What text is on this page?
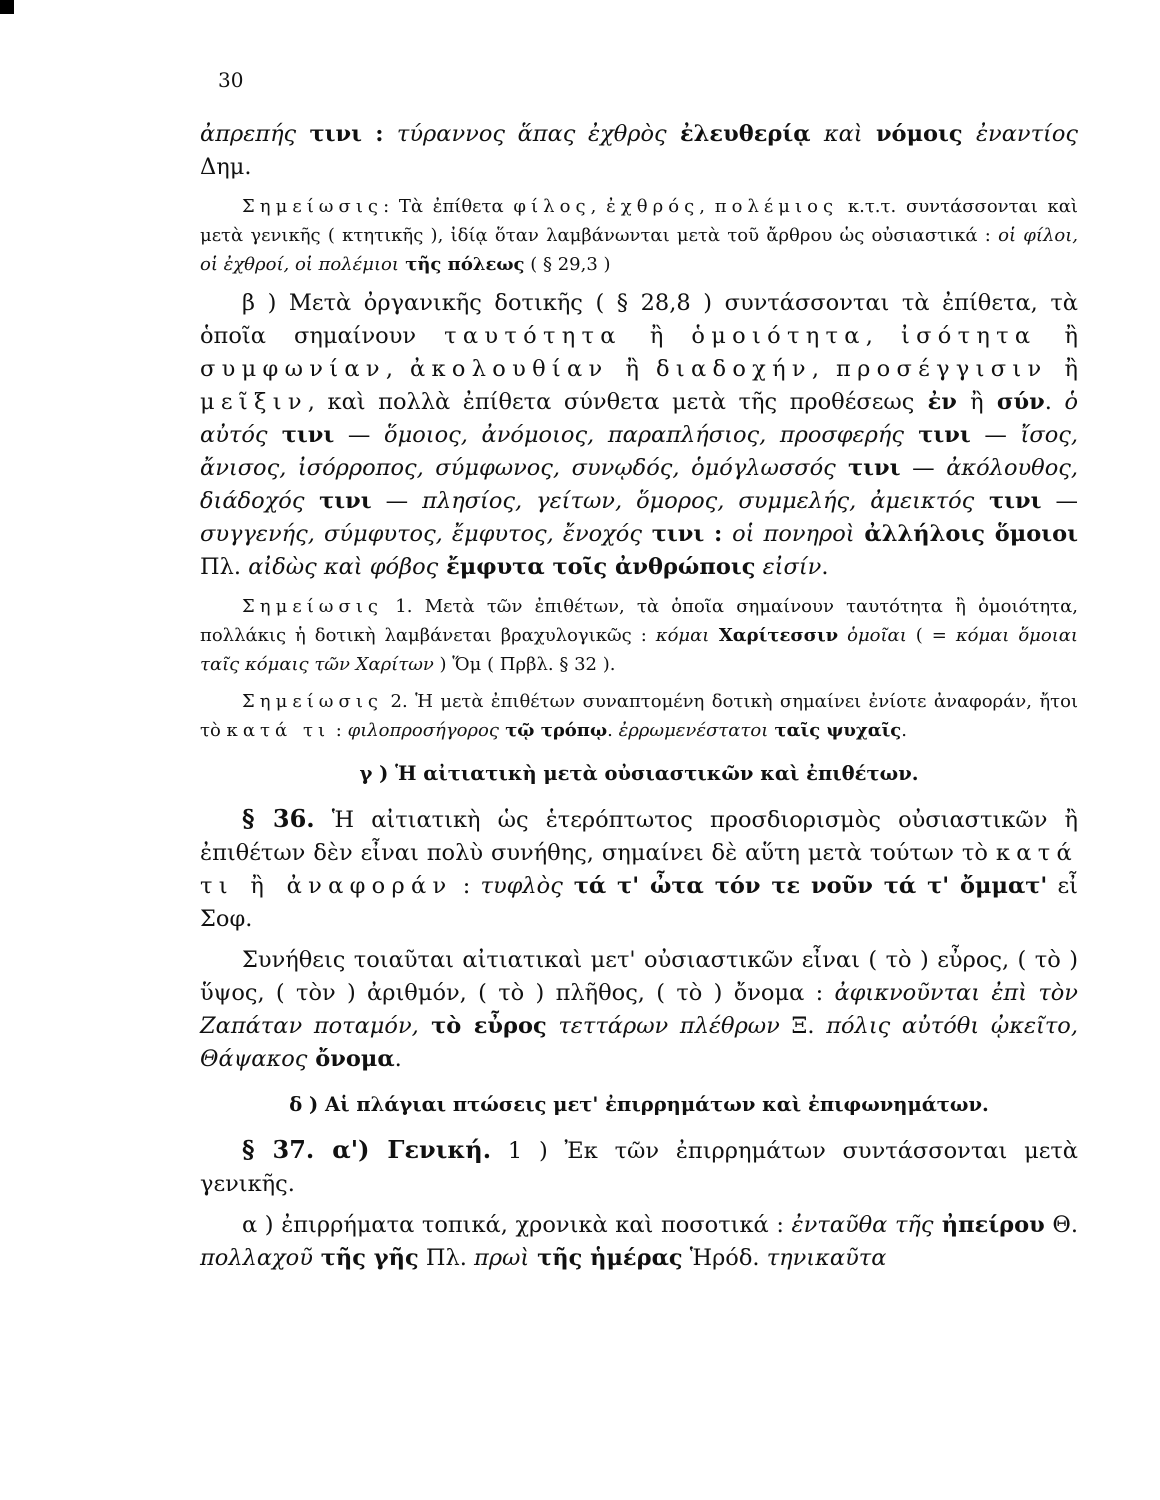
30

ἀπρεπής τινι : τύραννος ἅπας ἐχθρὸς ἐλευθερίᾳ καὶ νόμοις ἐναντίος Δημ.

Σημείωσις: Τὰ ἐπίθετα φίλος, ἐχθρός, πολέμιος κ.τ.τ. συντάσσονται καὶ μετὰ γενικῆς ( κτητικῆς ), ἰδίᾳ ὅταν λαμβάνωνται μετὰ τοῦ ἄρθρου ὡς οὐσιαστικά : οἱ φίλοι, οἱ ἐχθροί, οἱ πολέμιοι τῆς πόλεως ( § 29,3 )

β ) Μετὰ ὀργανικῆς δοτικῆς ( § 28,8 ) συντάσσονται τὰ ἐπίθετα, τὰ ὁποῖα σημαίνουν ταυτότητα ἢ ὁμοιότητα, ἰσότητα ἢ συμφωνίαν, ἀκολουθίαν ἢ διαδοχήν, προσέγγισιν ἢ μεῖξιν, καὶ πολλὰ ἐπίθετα σύνθετα μετὰ τῆς προθέσεως ἐν ἢ σύν. ὁ αὐτός τινι — ὅμοιος, ἀνόμοιος, παραπλήσιος, προσφερής τινι — ἴσος, ἄνισος, ἰσόρροπος, σύμφωνος, συνῳδός, ὁμόγλωσσός τινι — ἀκόλουθος, διάδοχός τινι — πλησίος, γείτων, ὅμορος, συμμελής, ἀμεικτός τινι — συγγενής, σύμφυτος, ἔμφυτος, ἔνοχός τινι : οἱ πονηροὶ ἀλλήλοις ὅμοιοι Πλ. αἰδὼς καὶ φόβος ἔμφυτα τοῖς ἀνθρώποις εἰσίν.

Σημείωσις 1. Μετὰ τῶν ἐπιθέτων, τὰ ὁποῖα σημαίνουν ταυτότητα ἢ ὁμοιότητα, πολλάκις ἡ δοτικὴ λαμβάνεται βραχυλογικῶς : κόμαι Χαρίτεσσιν ὁμοῖαι ( = κόμαι ὅμοιαι ταῖς κόμαις τῶν Χαρίτων ) Ὅμ ( Πρβλ. § 32 ).

Σημείωσις 2. Ἡ μετὰ ἐπιθέτων συναπτομένη δοτικὴ σημαίνει ἐνίοτε ἀναφοράν, ἤτοι τὸ κατά τι : φιλοπροσήγορος τῷ τρόπῳ. ἐρρωμενέστατοι ταῖς ψυχαῖς.

γ ) Ἡ αἰτιατικὴ μετὰ οὐσιαστικῶν καὶ ἐπιθέτων.

§ 36. Ἡ αἰτιατικὴ ὡς ἑτερόπτωτος προσδιορισμὸς οὐσιαστικῶν ἢ ἐπιθέτων δὲν εἶναι πολὺ συνήθης, σημαίνει δὲ αὕτη μετὰ τούτων τὸ κατά τι ἢ ἀναφοράν : τυφλὸς τά τ' ὦτα τόν τε νοῦν τά τ' ὄμματ' εἶ Σοφ.

Συνήθεις τοιαῦται αἰτιατικαὶ μετ' οὐσιαστικῶν εἶναι ( τὸ ) εὖρος, ( τὸ ) ὕψος, ( τὸν ) ἀριθμόν, ( τὸ ) πλῆθος, ( τὸ ) ὄνομα : ἀφικνοῦνται ἐπὶ τὸν Ζαπάταν ποταμόν, τὸ εὖρος τεττάρων πλέθρων Ξ. πόλις αὐτόθι ᾠκεῖτο, Θάψακος ὄνομα.

δ ) Αἱ πλάγιαι πτώσεις μετ' ἐπιρρημάτων καὶ ἐπιφωνημάτων.

§ 37. α') Γενική. 1 ) Ἐκ τῶν ἐπιρρημάτων συντάσσονται μετὰ γενικῆς.

α ) ἐπιρρήματα τοπικά, χρονικὰ καὶ ποσοτικά : ἐνταῦθα τῆς ἠπείρου Θ. πολλαχοῦ τῆς γῆς Πλ. πρωὶ τῆς ἡμέρας Ἡρόδ. τηνικαῦτα
